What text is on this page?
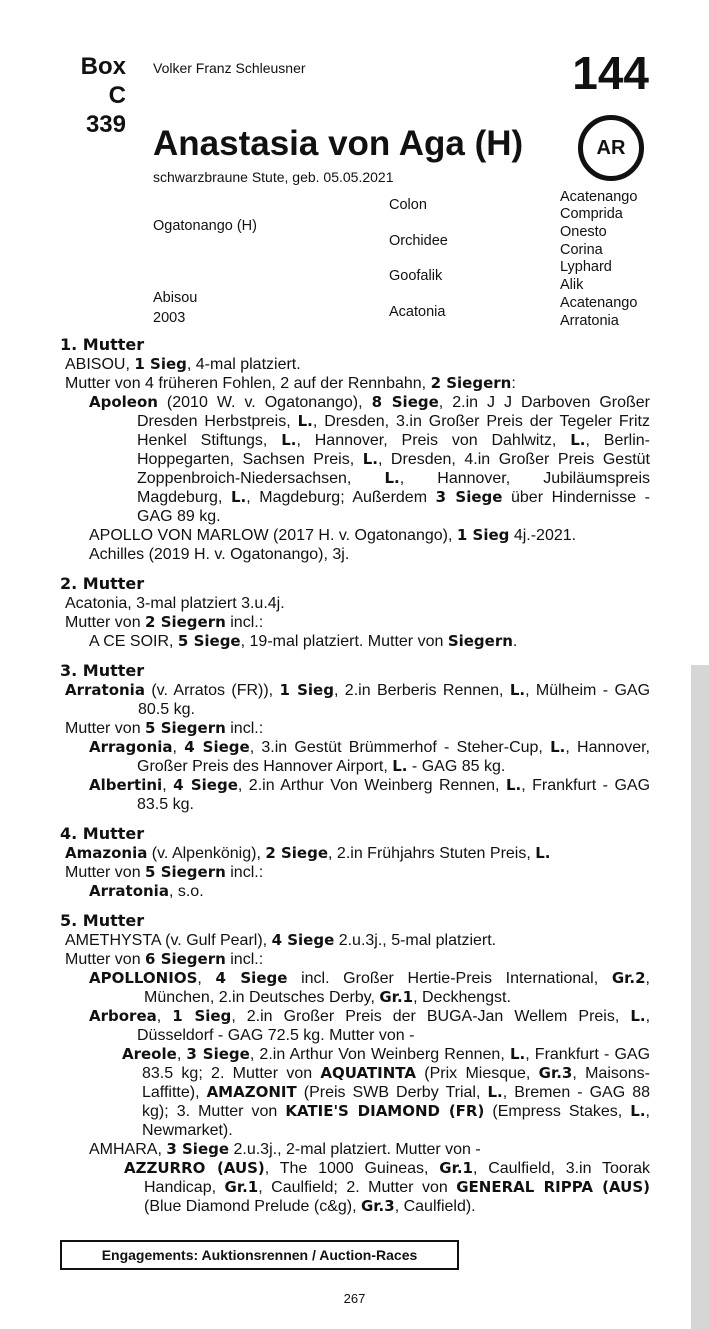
Box
C 339
Volker Franz Schleusner	144
Anastasia von Aga (H)	AR
schwarzbraune Stute, geb. 05.05.2021
Ogatonango (H)
Abisou
2003
Colon
Orchidee
Goofalik
Acatonia
Acatenango
Comprida
Onesto
Corina
Lyphard
Alik
Acatenango
Arratonia
1. Mutter

ABISOU, 1 Sieg, 4-mal platziert.

Mutter von 4 früheren Fohlen, 2 auf der Rennbahn, 2 Siegern:

Apoleon (2010 W. v. Ogatonango), 8 Siege, 2.in J J Darboven Großer Dresden Herbstpreis, L., Dresden, 3.in Großer Preis der Tegeler Fritz Henkel Stiftungs, L., Hannover, Preis von Dahlwitz, L., Berlin-Hoppegarten, Sachsen Preis, L., Dresden, 4.in Großer Preis Gestüt Zoppenbroich-Niedersachsen, L., Hannover, Jubiläumspreis Magdeburg, L., Magdeburg; Außerdem 3 Siege über Hindernisse - GAG 89 kg.

APOLLO VON MARLOW (2017 H. v. Ogatonango), 1 Sieg 4j.-2021.

Achilles (2019 H. v. Ogatonango), 3j.

2. Mutter

Acatonia, 3-mal platziert 3.u.4j.

Mutter von 2 Siegern incl.:

A CE SOIR, 5 Siege, 19-mal platziert. Mutter von Siegern.

3. Mutter

Arratonia (v. Arratos (FR)), 1 Sieg, 2.in Berberis Rennen, L., Mülheim - GAG 80.5 kg.

Mutter von 5 Siegern incl.:

Arragonia, 4 Siege, 3.in Gestüt Brümmerhof - Steher-Cup, L., Hannover, Großer Preis des Hannover Airport, L. - GAG 85 kg.

Albertini, 4 Siege, 2.in Arthur Von Weinberg Rennen, L., Frankfurt - GAG 83.5 kg.

4. Mutter

Amazonia (v. Alpenkönig), 2 Siege, 2.in Frühjahrs Stuten Preis, L.

Mutter von 5 Siegern incl.:

Arratonia, s.o.

5. Mutter

AMETHYSTA (v. Gulf Pearl), 4 Siege 2.u.3j., 5-mal platziert.

Mutter von 6 Siegern incl.:

APOLLONIOS, 4 Siege incl. Großer Hertie-Preis International, Gr.2, München, 2.in Deutsches Derby, Gr.1, Deckhengst.

Arborea, 1 Sieg, 2.in Großer Preis der BUGA-Jan Wellem Preis, L., Düsseldorf - GAG 72.5 kg. Mutter von -

Areole, 3 Siege, 2.in Arthur Von Weinberg Rennen, L., Frankfurt - GAG 83.5 kg; 2. Mutter von AQUATINTA (Prix Miesque, Gr.3, Maisons-Laffitte), AMAZONIT (Preis SWB Derby Trial, L., Bremen - GAG 88 kg); 3. Mutter von KATIE'S DIAMOND (FR) (Empress Stakes, L., Newmarket).

AMHARA, 3 Siege 2.u.3j., 2-mal platziert. Mutter von -

AZZURRO (AUS), The 1000 Guineas, Gr.1, Caulfield, 3.in Toorak Handicap, Gr.1, Caulfield; 2. Mutter von GENERAL RIPPA (AUS) (Blue Diamond Prelude (c&g), Gr.3, Caulfield).

Engagements: Auktionsrennen / Auction-Races
267
